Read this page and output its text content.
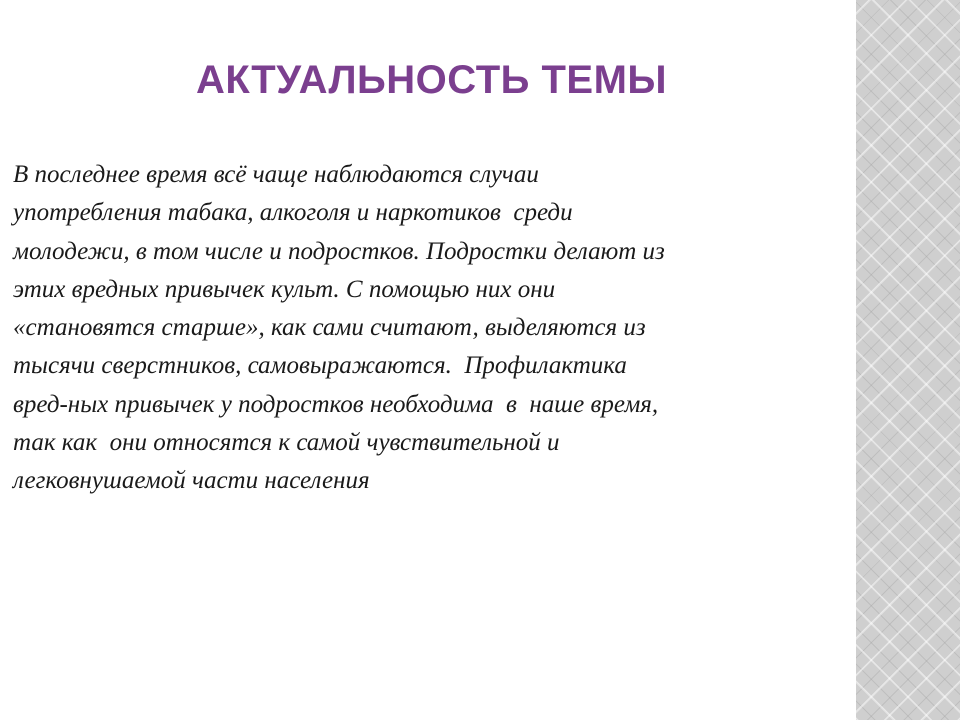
АКТУАЛЬНОСТЬ ТЕМЫ
В последнее время всё чаще наблюдаются случаи
употребления табака, алкоголя и наркотиков  среди
молодежи, в том числе и подростков. Подростки делают из
этих вредных привычек культ. С помощью них они
«становятся старше», как сами считают, выделяются из
тысячи сверстников, самовыражаются.  Профилактика
вред-ных привычек у подростков необходима  в  наше время,
так как  они относятся к самой чувствительной и
легковнушаемой части населения
